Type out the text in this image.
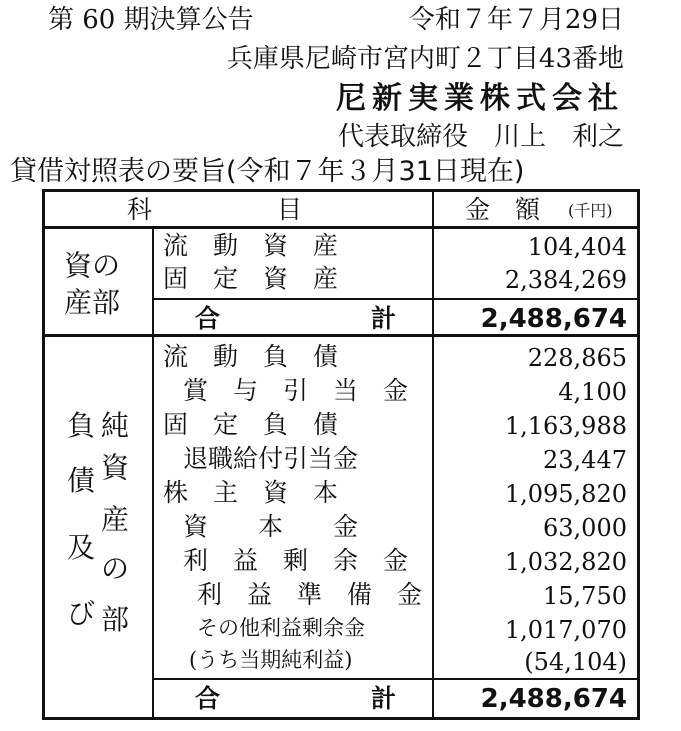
第 60 期決算公告	令和７年７月29日
兵庫県尼崎市宮内町２丁目43番地
尼新実業株式会社
代表取締役　川上　利之
貸借対照表の要旨(令和７年３月31日現在)
科　　　　　目	金　額 (千円)
資の
産部
流　動　資　産	104,404
固　定　資　産	2,384,269
合	計	2,488,674
負
債
及
び
純
資
産
の
部
流　動　負　債	228,865
賞　与　引　当　金	4,100
固　定　負　債	1,163,988
退職給付引当金	23,447
株　主　資　本	1,095,820
資　　本　　金	63,000
利　益　剰　余　金	1,032,820
利　益　準　備　金	15,750
その他利益剰余金	1,017,070
(うち当期純利益)	(54,104)
合	計	2,488,674
